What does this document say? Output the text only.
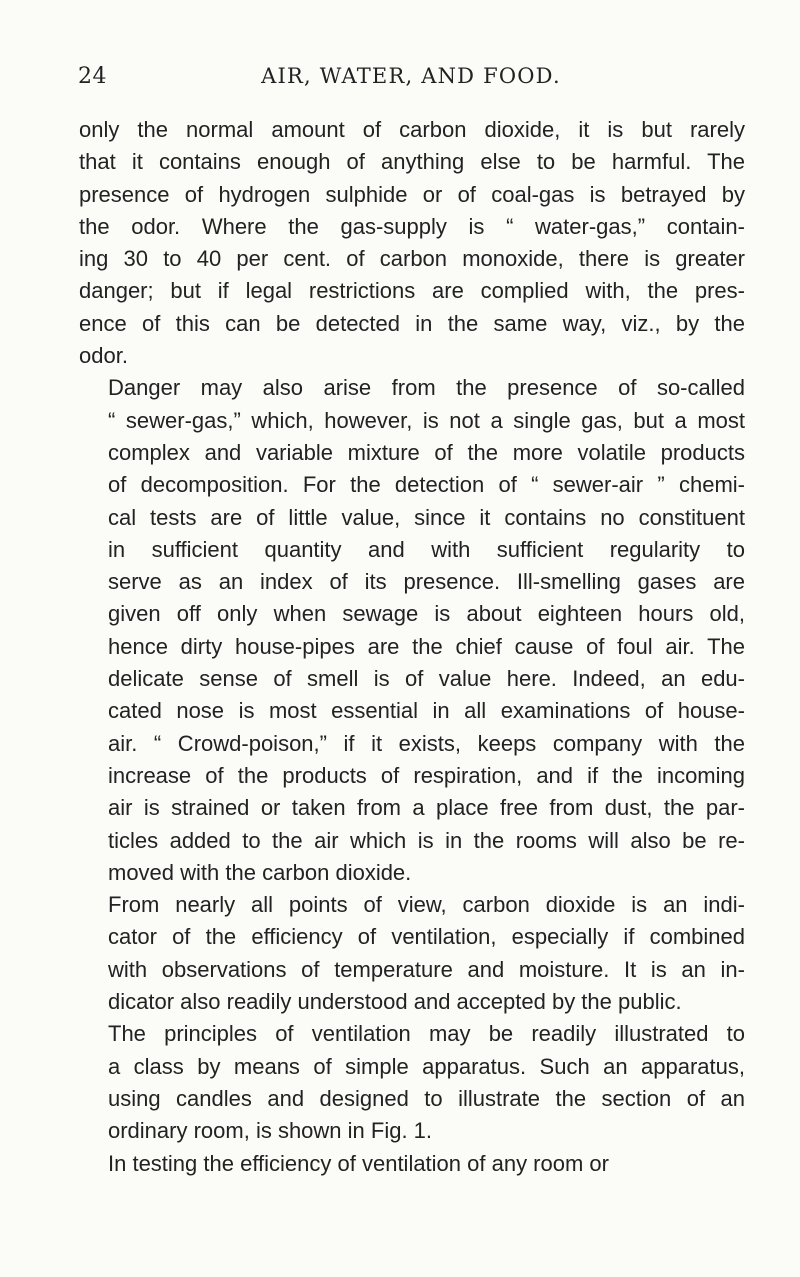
24	AIR, WATER, AND FOOD.

only the normal amount of carbon dioxide, it is but rarely
that it contains enough of anything else to be harmful. The
presence of hydrogen sulphide or of coal-gas is betrayed by
the odor. Where the gas-supply is “ water-gas,” contain-
ing 30 to 40 per cent. of carbon monoxide, there is greater
danger; but if legal restrictions are complied with, the pres-
ence of this can be detected in the same way, viz., by the
odor.

Danger may also arise from the presence of so-called
“ sewer-gas,” which, however, is not a single gas, but a most
complex and variable mixture of the more volatile products
of decomposition. For the detection of “ sewer-air ” chemi-
cal tests are of little value, since it contains no constituent
in sufficient quantity and with sufficient regularity to
serve as an index of its presence. Ill-smelling gases are
given off only when sewage is about eighteen hours old,
hence dirty house-pipes are the chief cause of foul air. The
delicate sense of smell is of value here. Indeed, an edu-
cated nose is most essential in all examinations of house-
air. “ Crowd-poison,” if it exists, keeps company with the
increase of the products of respiration, and if the incoming
air is strained or taken from a place free from dust, the par-
ticles added to the air which is in the rooms will also be re-
moved with the carbon dioxide.

From nearly all points of view, carbon dioxide is an indi-
cator of the efficiency of ventilation, especially if combined
with observations of temperature and moisture. It is an in-
dicator also readily understood and accepted by the public.

The principles of ventilation may be readily illustrated to
a class by means of simple apparatus. Such an apparatus,
using candles and designed to illustrate the section of an
ordinary room, is shown in Fig. 1.

In testing the efficiency of ventilation of any room or
